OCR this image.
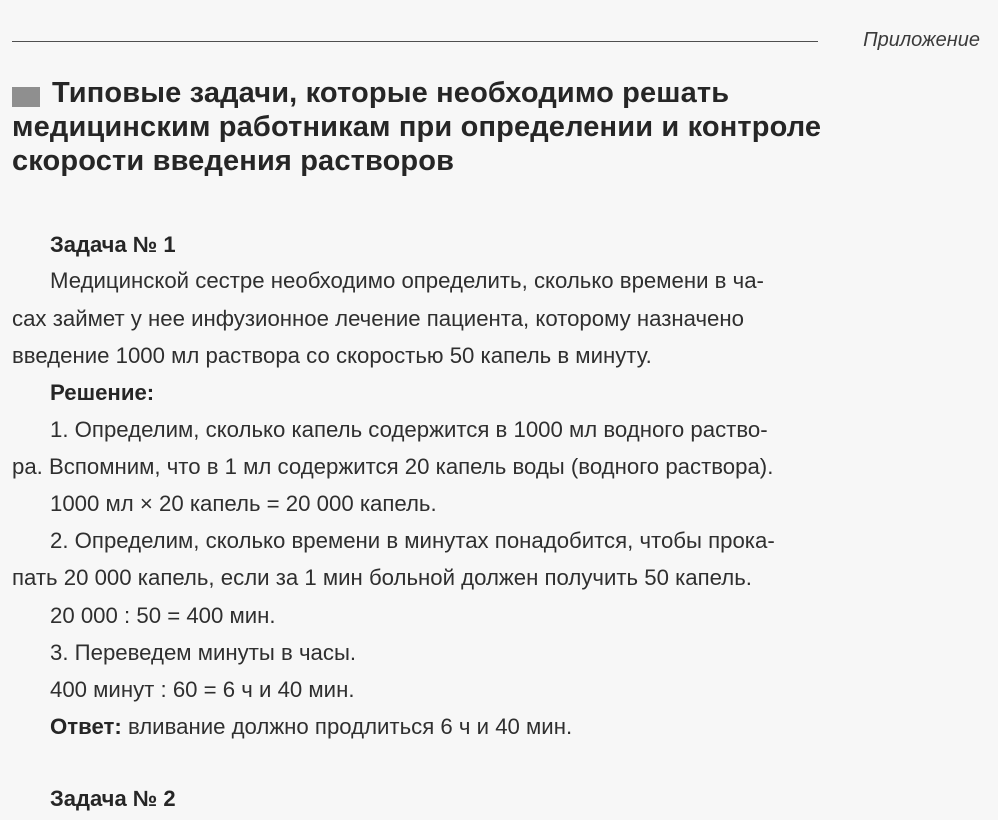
Приложение
Типовые задачи, которые необходимо решать
медицинским работникам при определении и контроле
скорости введения растворов
Задача № 1
Медицинской сестре необходимо определить, сколько времени в ча-
сах займет у нее инфузионное лечение пациента, которому назначено
введение 1000 мл раствора со скоростью 50 капель в минуту.
Решение:
1. Определим, сколько капель содержится в 1000 мл водного раство-
ра. Вспомним, что в 1 мл содержится 20 капель воды (водного раствора).
1000 мл × 20 капель = 20 000 капель.
2. Определим, сколько времени в минутах понадобится, чтобы прока-
пать 20 000 капель, если за 1 мин больной должен получить 50 капель.
20 000 : 50 = 400 мин.
3. Переведем минуты в часы.
400 минут : 60 = 6 ч и 40 мин.
Ответ: вливание должно продлиться 6 ч и 40 мин.
Задача № 2
